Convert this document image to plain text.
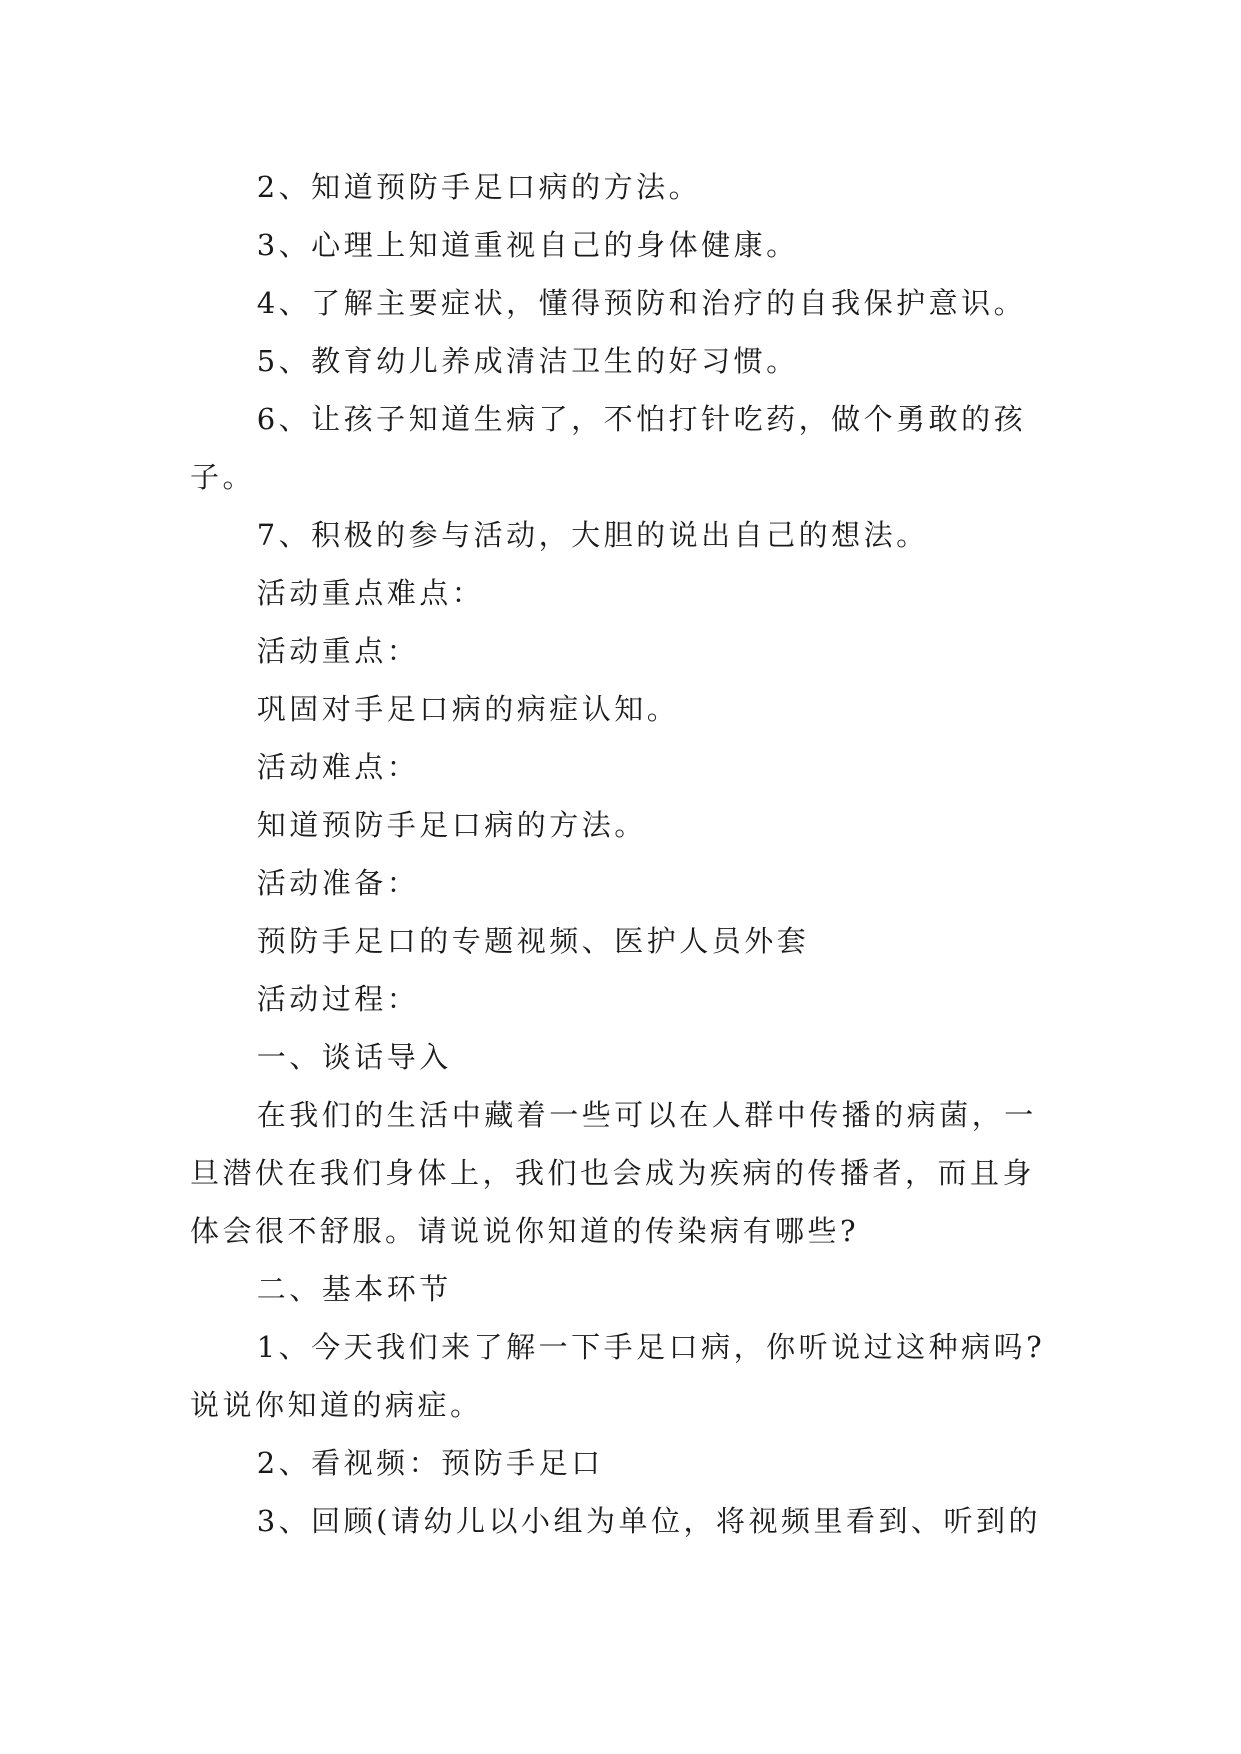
2、知道预防手足口病的方法。

3、心理上知道重视自己的身体健康。

4、了解主要症状，懂得预防和治疗的自我保护意识。

5、教育幼儿养成清洁卫生的好习惯。

6、让孩子知道生病了，不怕打针吃药，做个勇敢的孩子。

7、积极的参与活动，大胆的说出自己的想法。

活动重点难点：

活动重点：

巩固对手足口病的病症认知。

活动难点：

知道预防手足口病的方法。

活动准备：

预防手足口的专题视频、医护人员外套

活动过程：

一、谈话导入

在我们的生活中藏着一些可以在人群中传播的病菌，一旦潜伏在我们身体上，我们也会成为疾病的传播者，而且身体会很不舒服。请说说你知道的传染病有哪些?

二、基本环节

1、今天我们来了解一下手足口病，你听说过这种病吗?说说你知道的病症。

2、看视频：预防手足口

3、回顾(请幼儿以小组为单位，将视频里看到、听到的
